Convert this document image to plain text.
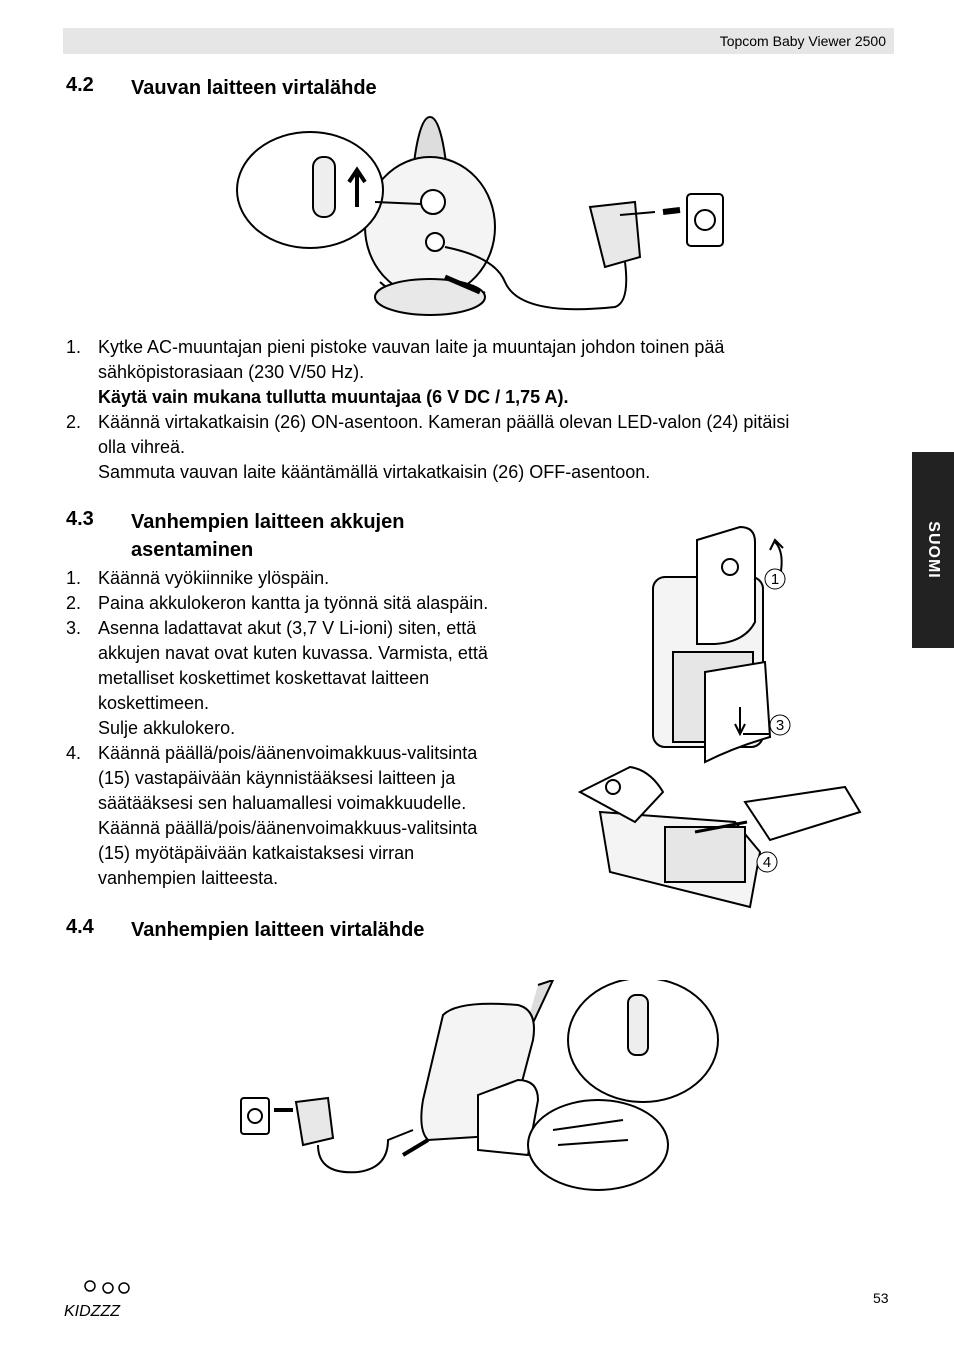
Topcom Baby Viewer 2500
SUOMI
4.2 Vauvan laitteen virtalähde
1. Kytke AC-muuntajan pieni pistoke vauvan laite ja muuntajan johdon toinen pää
sähköpistorasiaan (230 V/50 Hz).
Käytä vain mukana tullutta muuntajaa (6 V DC / 1,75 A).
2. Käännä virtakatkaisin (26) ON-asentoon. Kameran päällä olevan LED-valon (24) pitäisi
olla vihreä.
Sammuta vauvan laite kääntämällä virtakatkaisin (26) OFF-asentoon.
4.3 Vanhempien laitteen akkujen asentaminen
1. Käännä vyökiinnike ylöspäin.
2. Paina akkulokeron kantta ja työnnä sitä alaspäin.
3. Asenna ladattavat akut (3,7 V Li-ioni) siten, että
akkujen navat ovat kuten kuvassa. Varmista, että
metalliset koskettimet koskettavat laitteen
koskettimeen.
Sulje akkulokero.
4. Käännä päällä/pois/äänenvoimakkuus-valitsinta
(15) vastapäivään käynnistääksesi laitteen ja
säätääksesi sen haluamallesi voimakkuudelle.
Käännä päällä/pois/äänenvoimakkuus-valitsinta
(15) myötäpäivään katkaistaksesi virran
vanhempien laitteesta.
1
3
4
4.4 Vanhempien laitteen virtalähde
KIDZZZ
53
